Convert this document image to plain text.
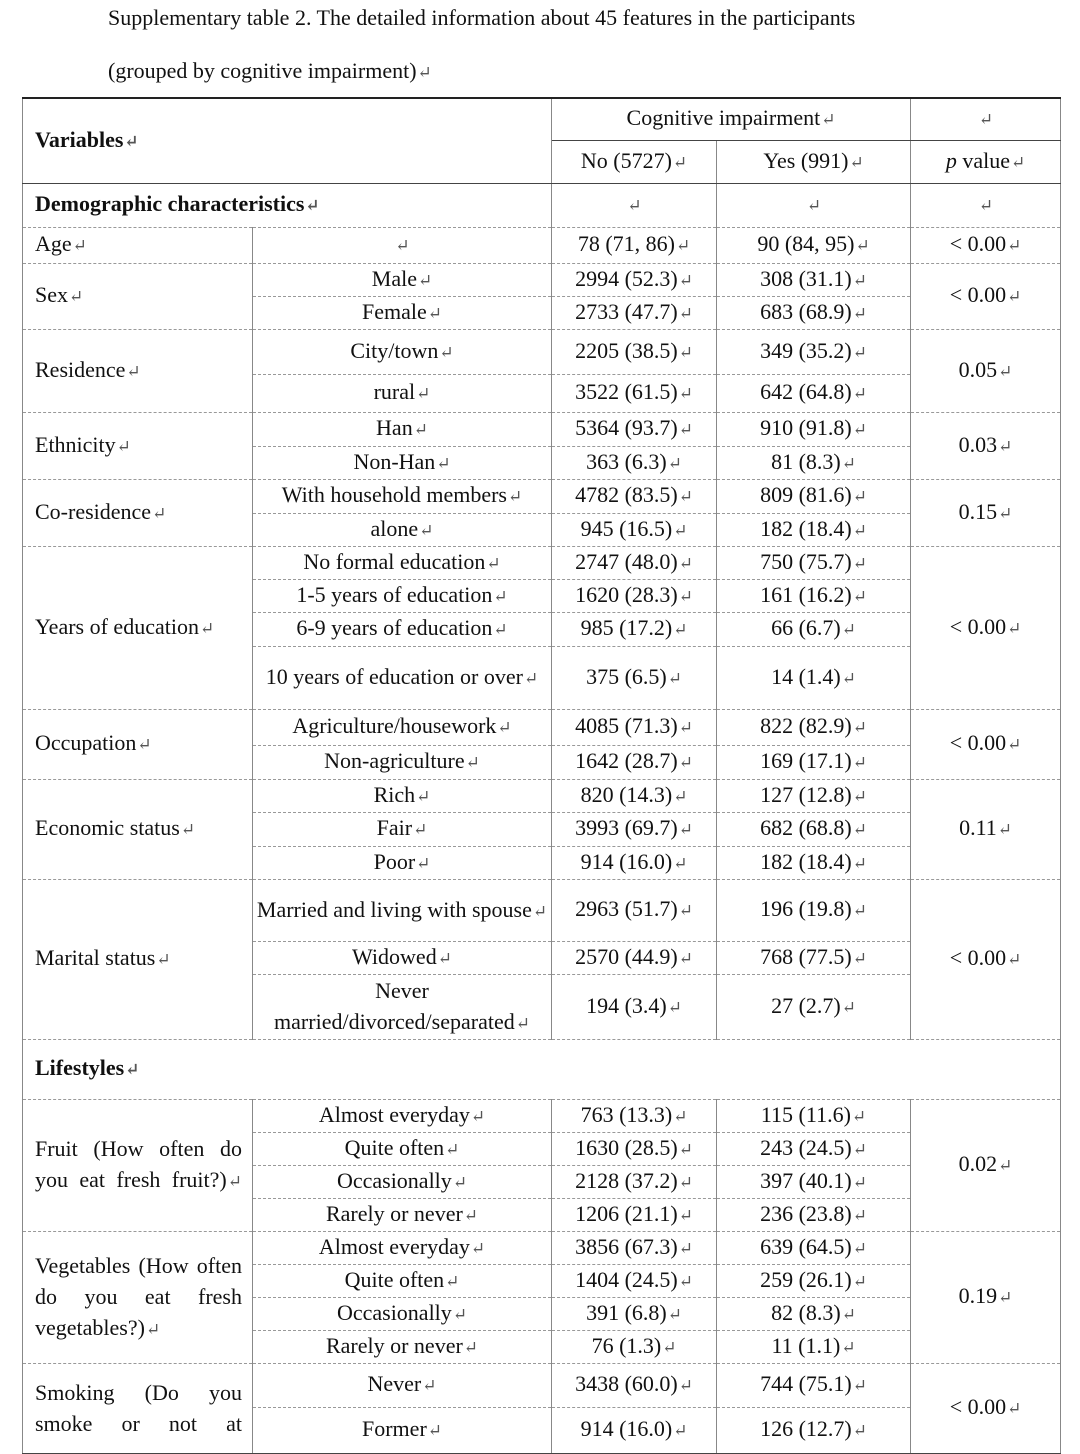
Supplementary table 2. The detailed information about 45 features in the participants
(grouped by cognitive impairment)↵
Variables↵		Cognitive impairment↵		↵
		No (5727)↵	Yes (991)↵	p value↵
Demographic characteristics↵		↵	↵	↵
Age↵	↵	78 (71, 86)↵	90 (84, 95)↵	< 0.00↵
Sex↵	Male↵	2994 (52.3)↵	308 (31.1)↵	< 0.00↵
	Female↵	2733 (47.7)↵	683 (68.9)↵	
Residence↵	City/town↵	2205 (38.5)↵	349 (35.2)↵	0.05↵
	rural↵	3522 (61.5)↵	642 (64.8)↵	
Ethnicity↵	Han↵	5364 (93.7)↵	910 (91.8)↵	0.03↵
	Non-Han↵	363 (6.3)↵	81 (8.3)↵	
Co-residence↵	With household members↵	4782 (83.5)↵	809 (81.6)↵	0.15↵
	alone↵	945 (16.5)↵	182 (18.4)↵	
Years of education↵	No formal education↵	2747 (48.0)↵	750 (75.7)↵	< 0.00↵
	1-5 years of education↵	1620 (28.3)↵	161 (16.2)↵	
	6-9 years of education↵	985 (17.2)↵	66 (6.7)↵	
	10 years of education or over↵	375 (6.5)↵	14 (1.4)↵	
Occupation↵	Agriculture/housework↵	4085 (71.3)↵	822 (82.9)↵	< 0.00↵
	Non-agriculture↵	1642 (28.7)↵	169 (17.1)↵	
Economic status↵	Rich↵	820 (14.3)↵	127 (12.8)↵	0.11↵
	Fair↵	3993 (69.7)↵	682 (68.8)↵	
	Poor↵	914 (16.0)↵	182 (18.4)↵	
Marital status↵	Married and living with spouse↵	2963 (51.7)↵	196 (19.8)↵	< 0.00↵
	Widowed↵	2570 (44.9)↵	768 (77.5)↵	
	Never married/divorced/separated↵	194 (3.4)↵	27 (2.7)↵	
Lifestyles↵				
Fruit (How often do you eat fresh fruit?)↵	Almost everyday↵	763 (13.3)↵	115 (11.6)↵	0.02↵
	Quite often↵	1630 (28.5)↵	243 (24.5)↵	
	Occasionally↵	2128 (37.2)↵	397 (40.1)↵	
	Rarely or never↵	1206 (21.1)↵	236 (23.8)↵	
Vegetables (How often do you eat fresh vegetables?)↵	Almost everyday↵	3856 (67.3)↵	639 (64.5)↵	0.19↵
	Quite often↵	1404 (24.5)↵	259 (26.1)↵	
	Occasionally↵	391 (6.8)↵	82 (8.3)↵	
	Rarely or never↵	76 (1.3)↵	11 (1.1)↵	
Smoking (Do you smoke or not at	Never↵	3438 (60.0)↵	744 (75.1)↵	< 0.00↵
	Former↵	914 (16.0)↵	126 (12.7)↵	
